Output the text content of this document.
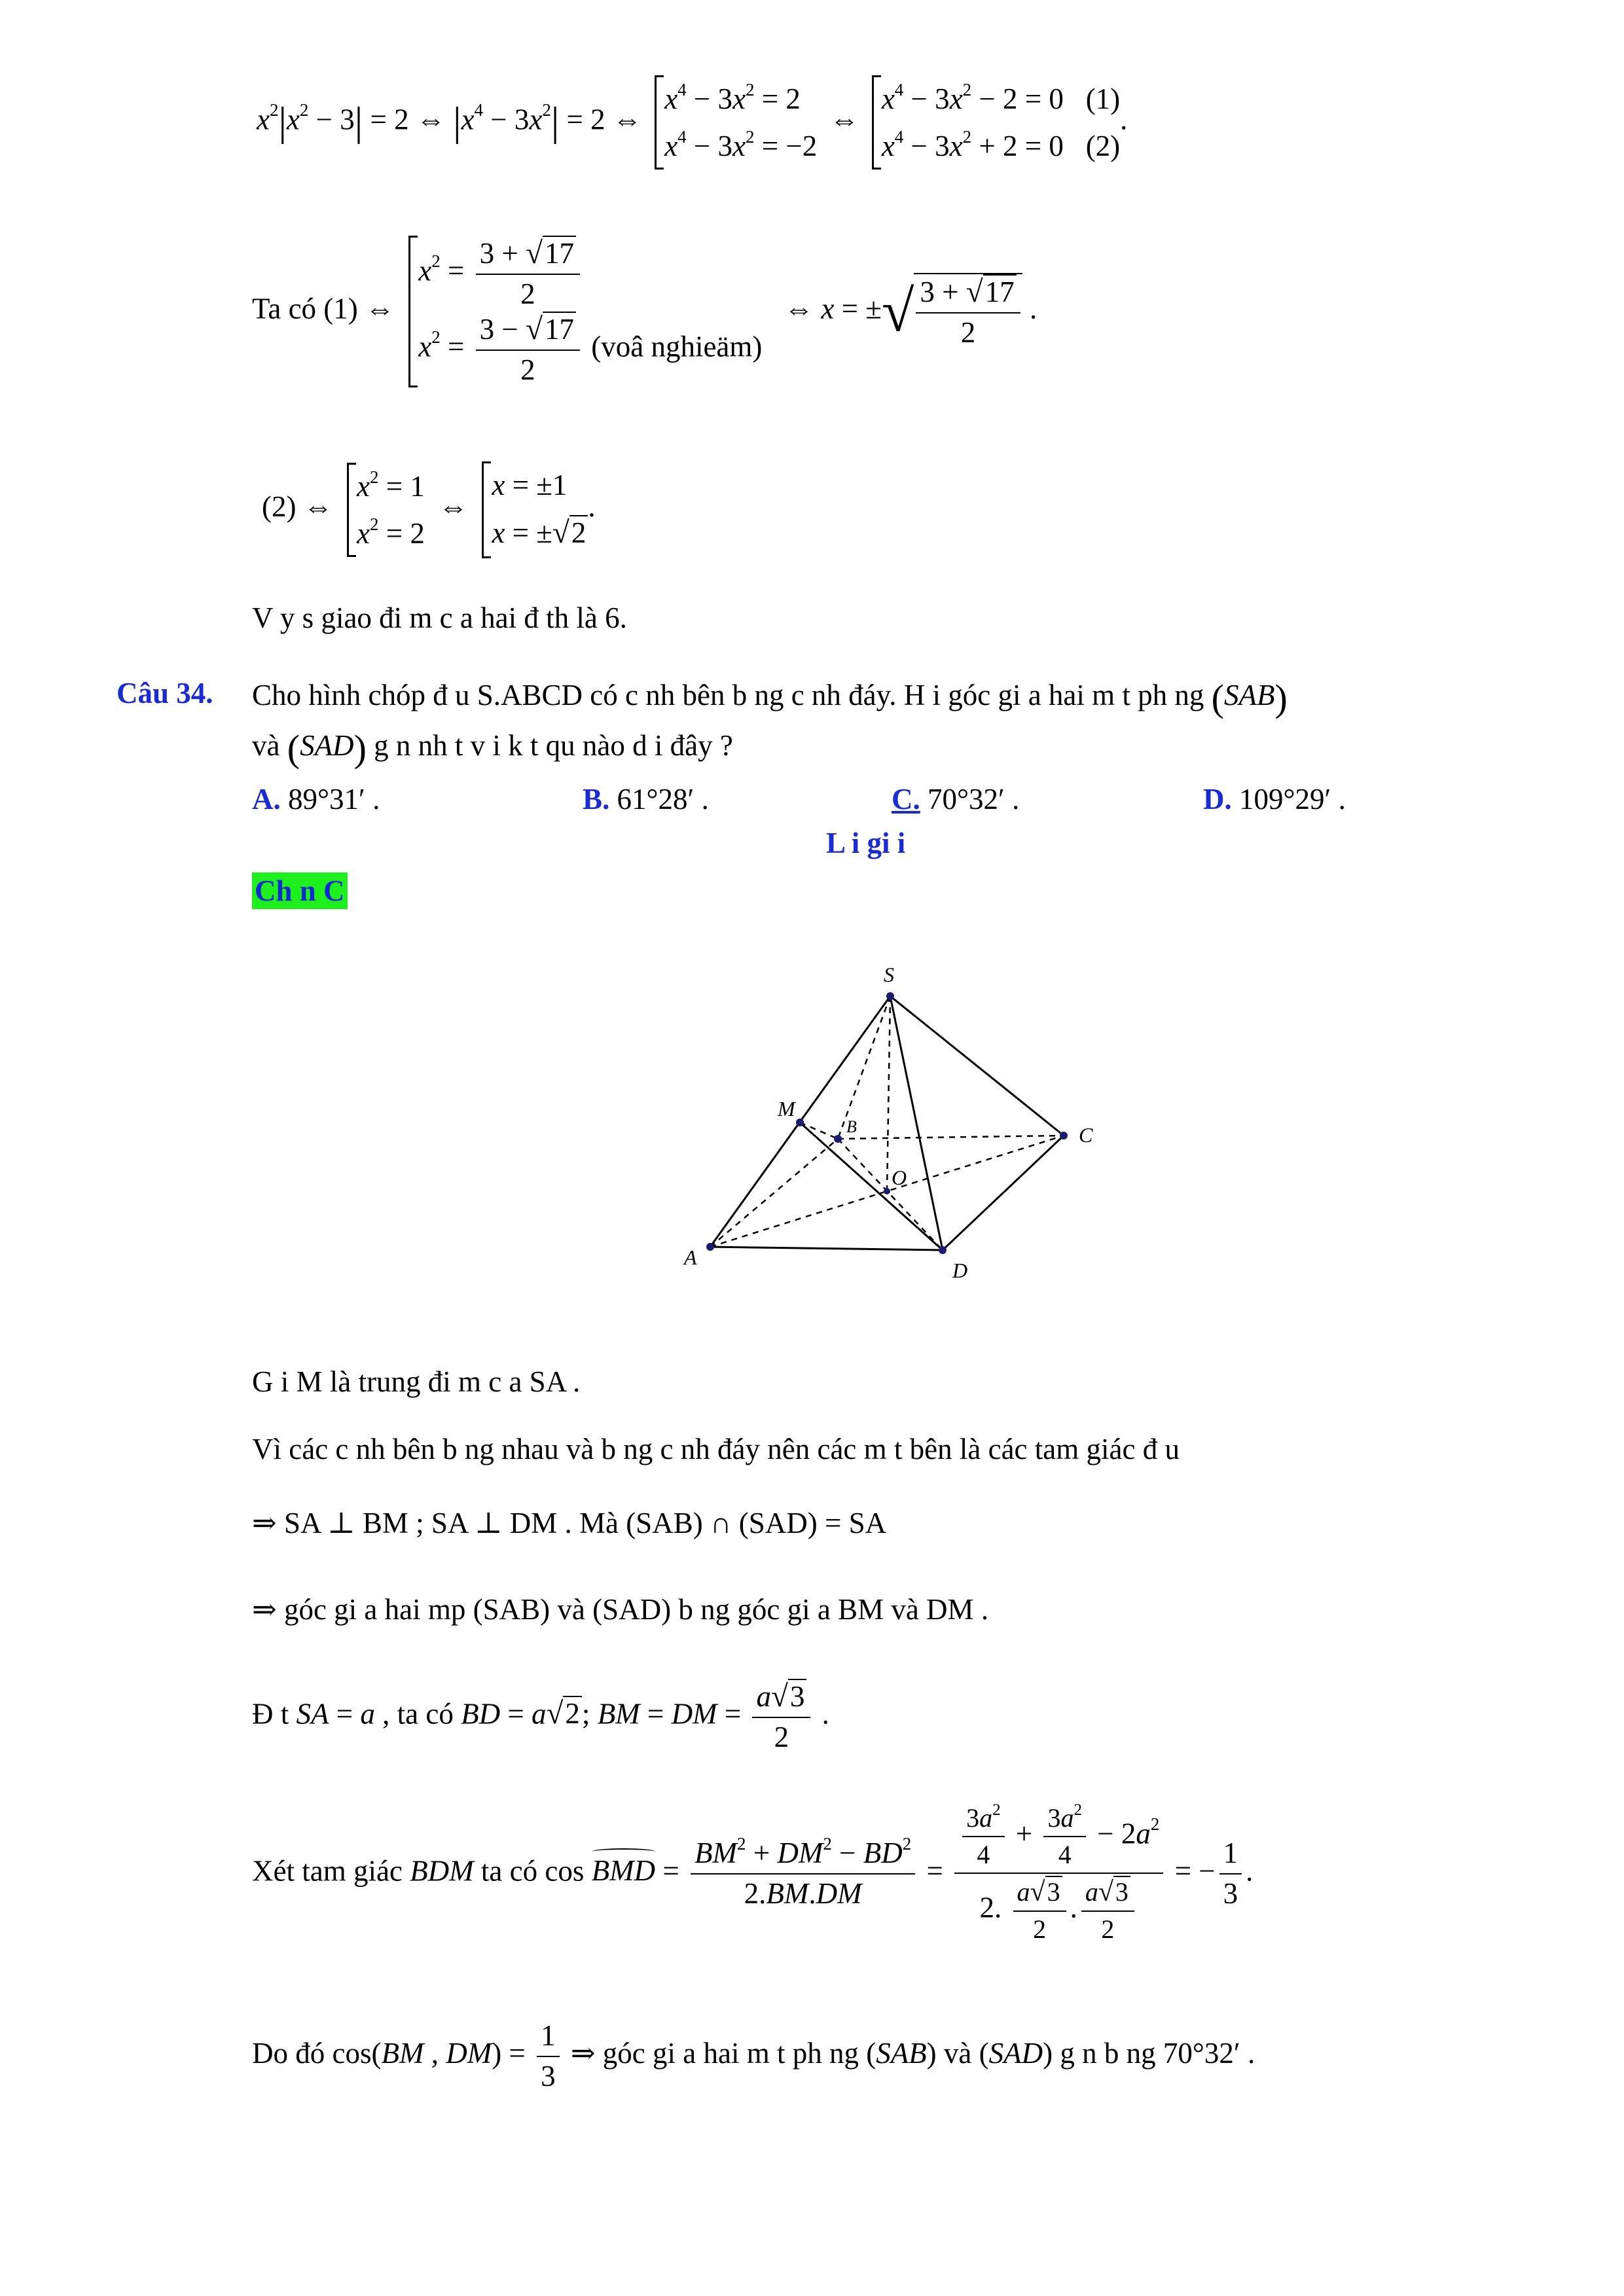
$x^2|x^2 - 3| = 2$ ⇔ $|x^4 - 3x^2| = 2$ ⇔
$x^4 - 3x^2 = 2$
$x^4 - 3x^2 = -2$
⇔
$x^4 - 3x^2 - 2 = 0$   (1)
$x^4 - 3x^2 + 2 = 0$   (2)
.
Ta có (1) ⇔
$x^2 = \frac{3 + √17}{2}$
$x^2 = \frac{3 - √17}{2}$ (voâ nghieäm)
⇔ x = ±√ $\frac{3 + √17}{2}$ .
(2) ⇔
$x^2 = 1$
$x^2 = 2$
⇔
x = ±1
x = ±√2
.
V y s giao đi m c a hai đ th là 6.
Câu 34. Cho hình chóp đ u S.ABCD có c nh bên b ng c nh đáy. H i góc gi a hai m t ph ng (SAB)
và (SAD) g n nh t v i k t qu nào d i đây ?
A. 89°31′ .	B. 61°28′ .	C. 70°32′ .	D. 109°29′ .
L i gi i
Ch n C
S
M
B	C
O
A
D
G i M là trung đi m c a SA .
Vì các c nh bên b ng nhau và b ng c nh đáy nên các m t bên là các tam giác đ u
⇒ SA ⊥ BM ; SA ⊥ DM . Mà (SAB) ∩ (SAD) = SA
⇒ góc gi a hai mp (SAB) và (SAD) b ng góc gi a BM và DM .
Đ t SA = a , ta có BD = a√2; BM = DM = $\frac{a√3}{2}$ .
Xét tam giác BDM ta có cos BMD = $\frac{BM^2 + DM^2 - BD^2}{2.BM.DM} = \frac{\frac{3a^2}{4} + \frac{3a^2}{4} - 2a^2}{2. \frac{a√3}{2} . \frac{a√3}{2}}$ = − $\frac{1}{3}$ .
Do đó cos(BM , $DM) = \frac{1}{3}$ ⇒ góc gi a hai m t ph ng (SAB) và (SAD) g n b ng 70°32′ .
